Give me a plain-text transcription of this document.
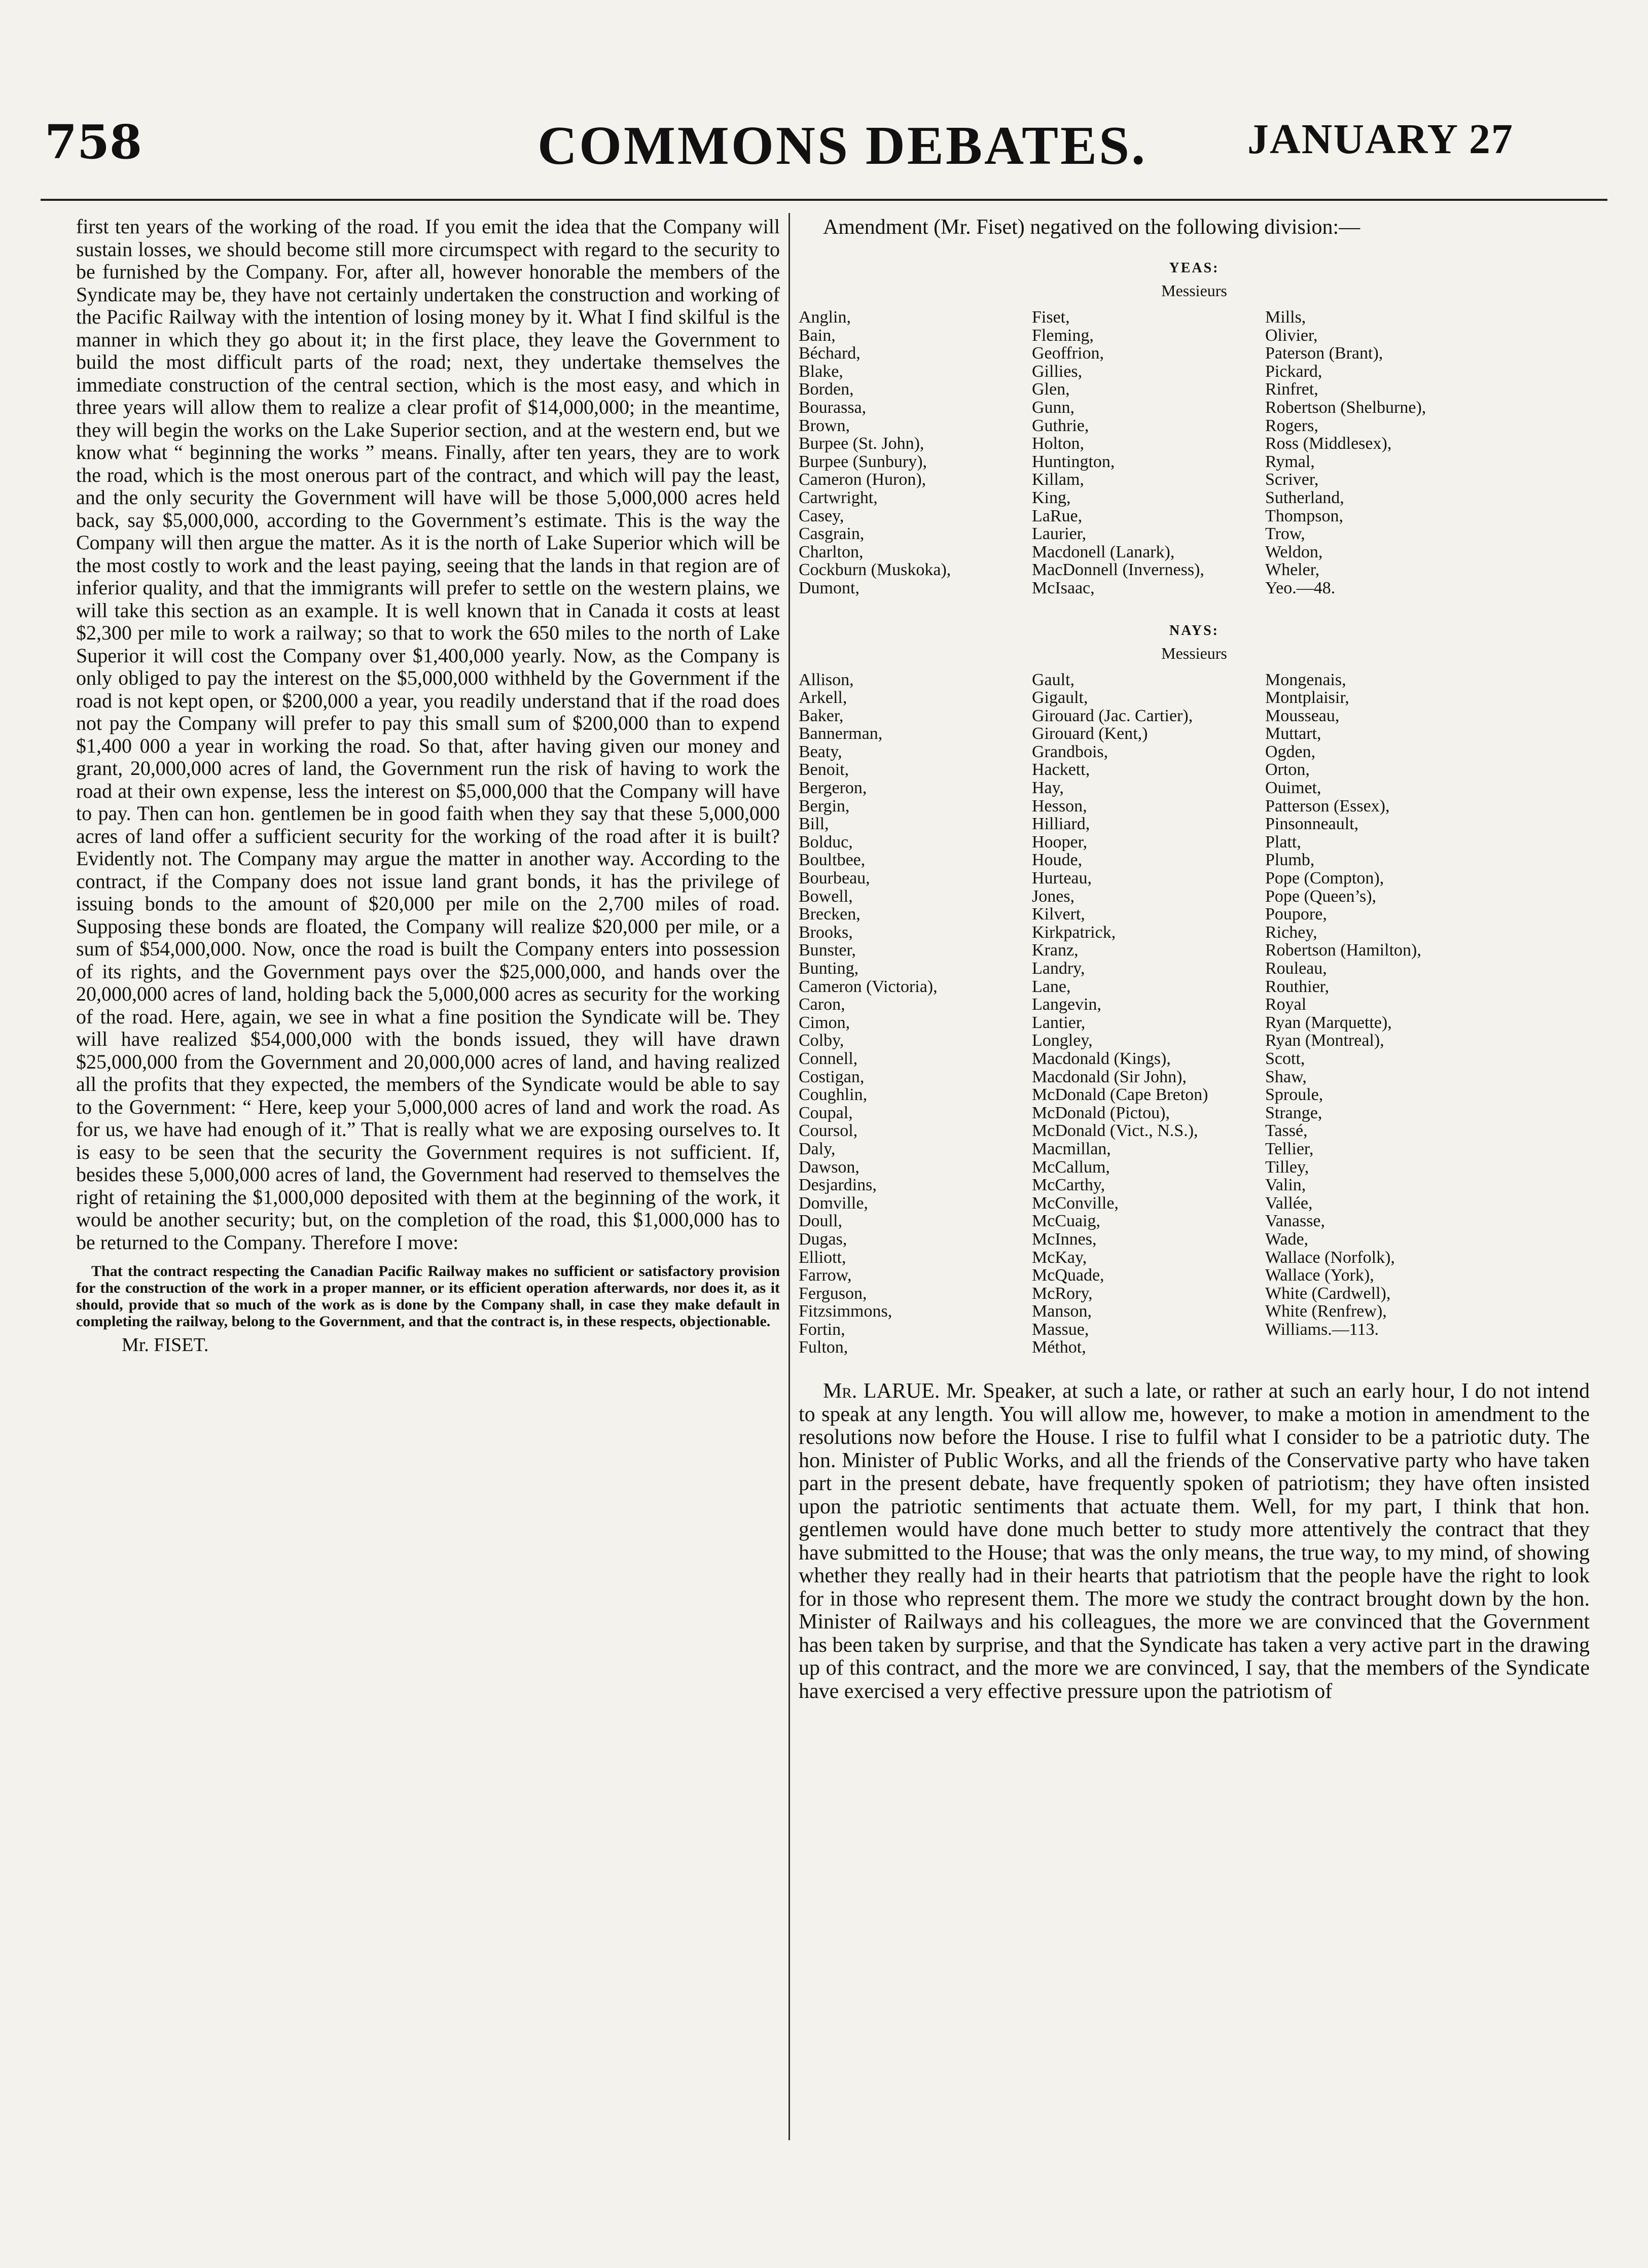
758	COMMONS DEBATES. JANUARY 27

first ten years of the working of the road. If you emit the idea that the Company will sustain losses, we should become still more circumspect with regard to the security to be furnished by the Company. For, after all, however honorable the members of the Syndicate may be, they have not certainly undertaken the construction and working of the Pacific Railway with the intention of losing money by it. What I find skilful is the manner in which they go about it; in the first place, they leave the Government to build the most difficult parts of the road; next, they undertake themselves the immediate construction of the central section, which is the most easy, and which in three years will allow them to realize a clear profit of $14,000,000; in the meantime, they will begin the works on the Lake Superior section, and at the western end, but we know what “ beginning the works ” means. Finally, after ten years, they are to work the road, which is the most onerous part of the contract, and which will pay the least, and the only security the Government will have will be those 5,000,000 acres held back, say $5,000,000, according to the Government’s estimate. This is the way the Company will then argue the matter. As it is the north of Lake Superior which will be the most costly to work and the least paying, seeing that the lands in that region are of inferior quality, and that the immigrants will prefer to settle on the western plains, we will take this section as an example. It is well known that in Canada it costs at least $2,300 per mile to work a railway; so that to work the 650 miles to the north of Lake Superior it will cost the Company over $1,400,000 yearly. Now, as the Company is only obliged to pay the interest on the $5,000,000 withheld by the Government if the road is not kept open, or $200,000 a year, you readily understand that if the road does not pay the Company will prefer to pay this small sum of $200,000 than to expend $1,400 000 a year in working the road. So that, after having given our money and grant, 20,000,000 acres of land, the Government run the risk of having to work the road at their own expense, less the interest on $5,000,000 that the Company will have to pay. Then can hon. gentlemen be in good faith when they say that these 5,000,000 acres of land offer a sufficient security for the working of the road after it is built? Evidently not. The Company may argue the matter in another way. According to the contract, if the Company does not issue land grant bonds, it has the privilege of issuing bonds to the amount of $20,000 per mile on the 2,700 miles of road. Supposing these bonds are floated, the Company will realize $20,000 per mile, or a sum of $54,000,000. Now, once the road is built the Company enters into possession of its rights, and the Government pays over the $25,000,000, and hands over the 20,000,000 acres of land, holding back the 5,000,000 acres as security for the working of the road. Here, again, we see in what a fine position the Syndicate will be. They will have realized $54,000,000 with the bonds issued, they will have drawn $25,000,000 from the Government and 20,000,000 acres of land, and having realized all the profits that they expected, the members of the Syndicate would be able to say to the Government: “ Here, keep your 5,000,000 acres of land and work the road. As for us, we have had enough of it.” That is really what we are exposing ourselves to. It is easy to be seen that the security the Government requires is not sufficient. If, besides these 5,000,000 acres of land, the Government had reserved to themselves the right of retaining the $1,000,000 deposited with them at the beginning of the work, it would be another security; but, on the completion of the road, this $1,000,000 has to be returned to the Company. Therefore I move:

That the contract respecting the Canadian Pacific Railway makes no sufficient or satisfactory provision for the construction of the work in a proper manner, or its efficient operation afterwards, nor does it, as it should, provide that so much of the work as is done by the Company shall, in case they make default in completing the railway, belong to the Government, and that the contract is, in these respects, objectionable.
Mr. FISET.
Amendment (Mr. Fiset) negatived on the following division:—
YEAS:
Messieurs
Anglin,	Fiset,	Mills,
Bain,	Fleming,	Olivier,
Béchard,	Geoffrion,	Paterson (Brant),
Blake,	Gillies,	Pickard,
Borden,	Glen,	Rinfret,
Bourassa,	Gunn,	Robertson (Shelburne),
Brown,	Guthrie,	Rogers,
Burpee (St. John),	Holton,	Ross (Middlesex),
Burpee (Sunbury),	Huntington,	Rymal,
Cameron (Huron),	Killam,	Scriver,
Cartwright,	King,	Sutherland,
Casey,	LaRue,	Thompson,
Casgrain,	Laurier,	Trow,
Charlton,	Macdonell (Lanark),	Weldon,
Cockburn (Muskoka),	MacDonnell (Inverness),	Wheler,
Dumont,	McIsaac,	Yeo.—48.
NAYS:
Messieurs
Allison,	Gault,	Mongenais,
Arkell,	Gigault,	Montplaisir,
Baker,	Girouard (Jac. Cartier),	Mousseau,
Bannerman,	Girouard (Kent,)	Muttart,
Beaty,	Grandbois,	Ogden,
Benoit,	Hackett,	Orton,
Bergeron,	Hay,	Ouimet,
Bergin,	Hesson,	Patterson (Essex),
Bill,	Hilliard,	Pinsonneault,
Bolduc,	Hooper,	Platt,
Boultbee,	Houde,	Plumb,
Bourbeau,	Hurteau,	Pope (Compton),
Bowell,	Jones,	Pope (Queen’s),
Brecken,	Kilvert,	Poupore,
Brooks,	Kirkpatrick,	Richey,
Bunster,	Kranz,	Robertson (Hamilton),
Bunting,	Landry,	Rouleau,
Cameron (Victoria),	Lane,	Routhier,
Caron,	Langevin,	Royal
Cimon,	Lantier,	Ryan (Marquette),
Colby,	Longley,	Ryan (Montreal),
Connell,	Macdonald (Kings),	Scott,
Costigan,	Macdonald (Sir John),	Shaw,
Coughlin,	McDonald (Cape Breton)	Sproule,
Coupal,	McDonald (Pictou),	Strange,
Coursol,	McDonald (Vict., N.S.),	Tassé,
Daly,	Macmillan,	Tellier,
Dawson,	McCallum,	Tilley,
Desjardins,	McCarthy,	Valin,
Domville,	McConville,	Vallée,
Doull,	McCuaig,	Vanasse,
Dugas,	McInnes,	Wade,
Elliott,	McKay,	Wallace (Norfolk),
Farrow,	McQuade,	Wallace (York),
Ferguson,	McRory,	White (Cardwell),
Fitzsimmons,	Manson,	White (Renfrew),
Fortin,	Massue,	Williams.—113.
Fulton,	Méthot,
Mr. LARUE. Mr. Speaker, at such a late, or rather at such an early hour, I do not intend to speak at any length. You will allow me, however, to make a motion in amendment to the resolutions now before the House. I rise to fulfil what I consider to be a patriotic duty. The hon. Minister of Public Works, and all the friends of the Conservative party who have taken part in the present debate, have frequently spoken of patriotism; they have often insisted upon the patriotic sentiments that actuate them. Well, for my part, I think that hon. gentlemen would have done much better to study more attentively the contract that they have submitted to the House; that was the only means, the true way, to my mind, of showing whether they really had in their hearts that patriotism that the people have the right to look for in those who represent them. The more we study the contract brought down by the hon. Minister of Railways and his colleagues, the more we are convinced that the Government has been taken by surprise, and that the Syndicate has taken a very active part in the drawing up of this contract, and the more we are convinced, I say, that the members of the Syndicate have exercised a very effective pressure upon the patriotism of
